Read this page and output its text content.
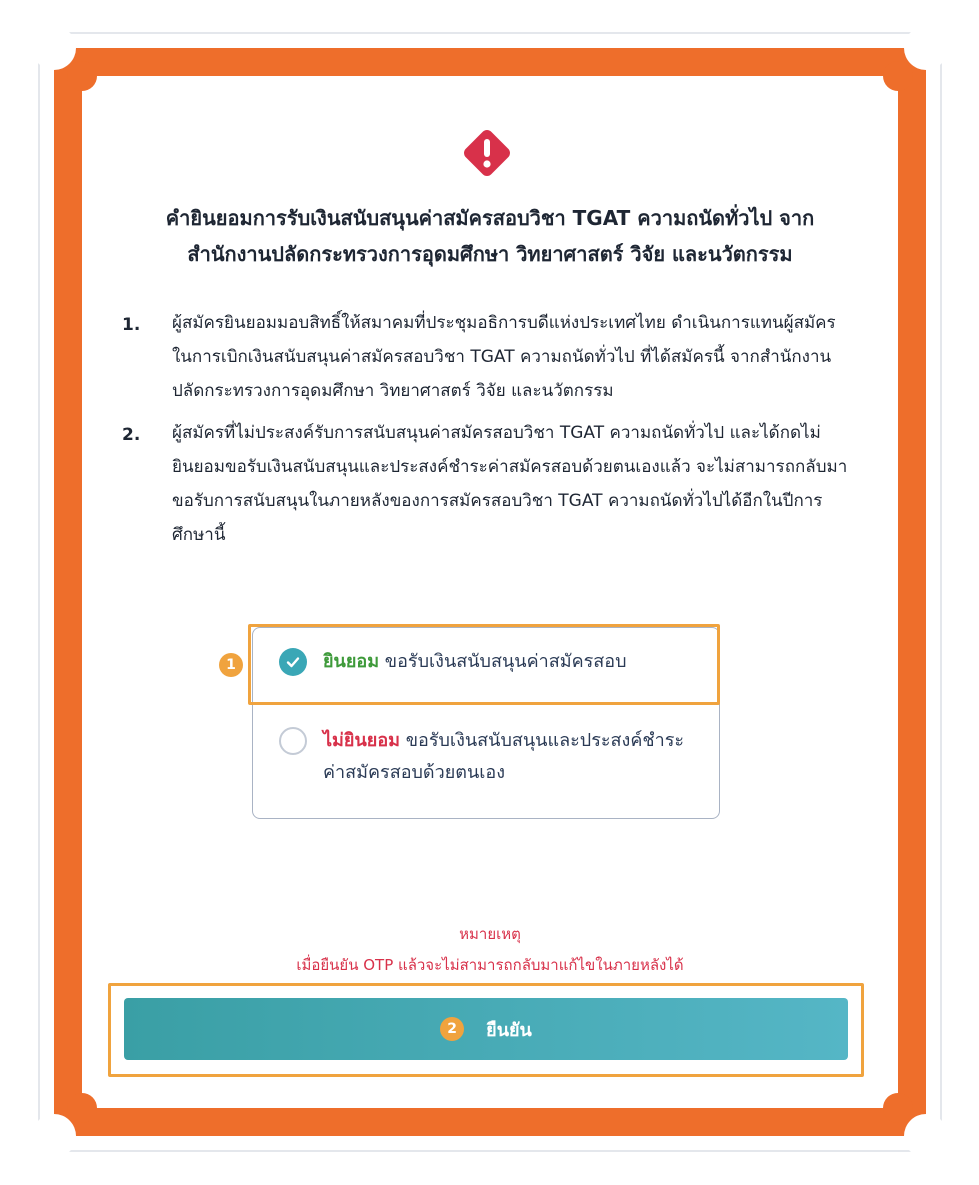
คำยินยอมการรับเงินสนับสนุนค่าสมัครสอบวิชา TGAT ความถนัดทั่วไป จาก
สำนักงานปลัดกระทรวงการอุดมศึกษา วิทยาศาสตร์ วิจัย และนวัตกรรม
1.	ผู้สมัครยินยอมมอบสิทธิ์ให้สมาคมที่ประชุมอธิการบดีแห่งประเทศไทย ดำเนินการแทนผู้สมัครในการเบิกเงินสนับสนุนค่าสมัครสอบวิชา TGAT ความถนัดทั่วไป ที่ได้สมัครนี้ จากสำนักงานปลัดกระทรวงการอุดมศึกษา วิทยาศาสตร์ วิจัย และนวัตกรรม
2.	ผู้สมัครที่ไม่ประสงค์รับการสนับสนุนค่าสมัครสอบวิชา TGAT ความถนัดทั่วไป และได้กดไม่ยินยอมขอรับเงินสนับสนุนและประสงค์ชำระค่าสมัครสอบด้วยตนเองแล้ว จะไม่สามารถกลับมาขอรับการสนับสนุนในภายหลังของการสมัครสอบวิชา TGAT ความถนัดทั่วไปได้อีกในปีการศึกษานี้
ยินยอม ขอรับเงินสนับสนุนค่าสมัครสอบ
ไม่ยินยอม ขอรับเงินสนับสนุนและประสงค์ชำระค่าสมัครสอบด้วยตนเอง
1
หมายเหตุ
เมื่อยืนยัน OTP แล้วจะไม่สามารถกลับมาแก้ไขในภายหลังได้
2	ยืนยัน
